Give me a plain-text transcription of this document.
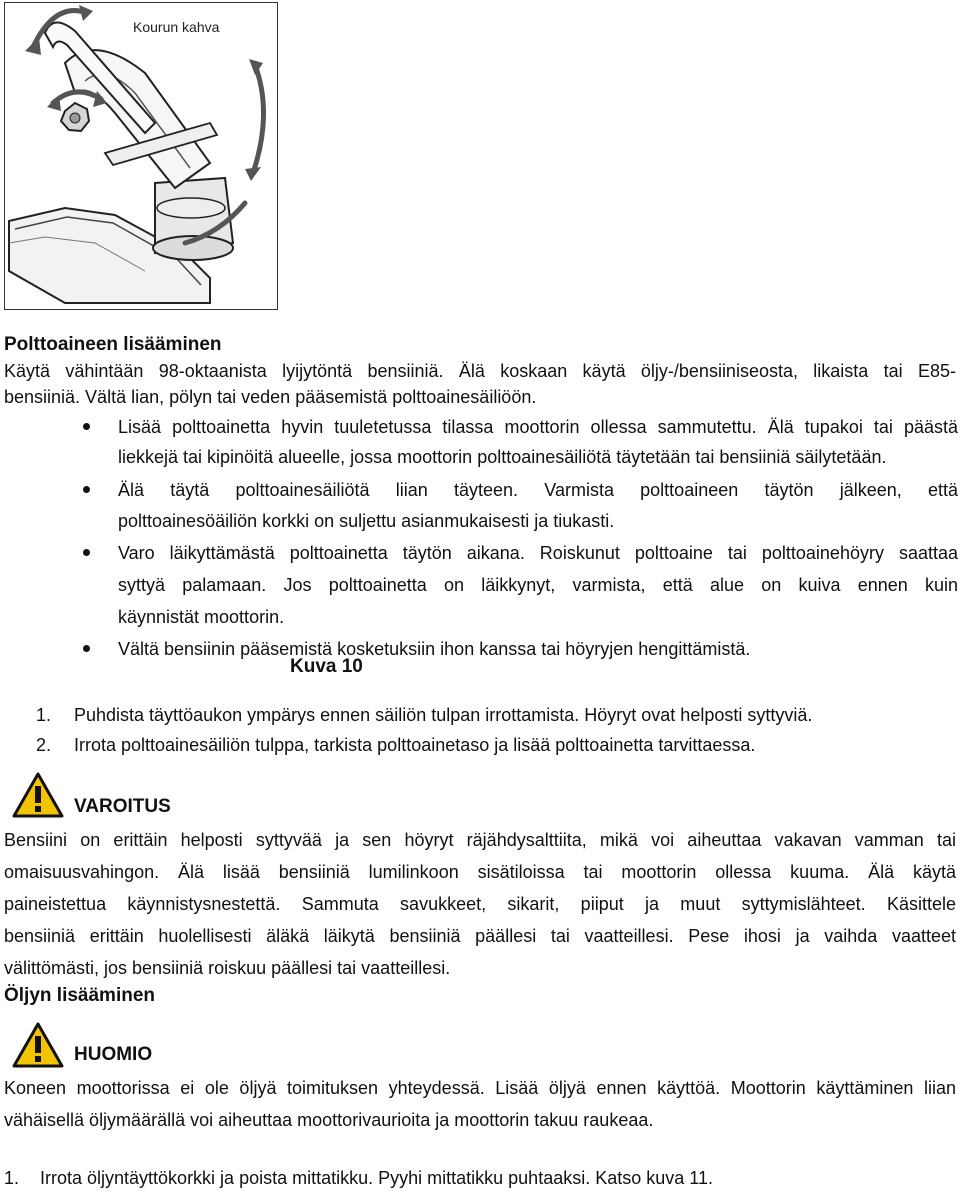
Kourun kahva
Kuva 10
Polttoaineen lisääminen
Käytä vähintään 98-oktaanista lyijytöntä bensiiniä. Älä koskaan käytä öljy-/bensiiniseosta, likaista tai E85-
bensiiniä. Vältä lian, pölyn tai veden pääsemistä polttoainesäiliöön.
Lisää polttoainetta hyvin tuuletetussa tilassa moottorin ollessa sammutettu. Älä tupakoi tai päästä
liekkejä tai kipinöitä alueelle, jossa moottorin polttoainesäiliötä täytetään tai bensiiniä säilytetään.
Älä täytä polttoainesäiliötä liian täyteen. Varmista polttoaineen täytön jälkeen, että
polttoainesöäiliön korkki on suljettu asianmukaisesti ja tiukasti.
Varo läikyttämästä polttoainetta täytön aikana. Roiskunut polttoaine tai polttoainehöyry saattaa
syttyä palamaan. Jos polttoainetta on läikkynyt, varmista, että alue on kuiva ennen kuin
käynnistät moottorin.
Vältä bensiinin pääsemistä kosketuksiin ihon kanssa tai höyryjen hengittämistä.
1. Puhdista täyttöaukon ympärys ennen säiliön tulpan irrottamista. Höyryt ovat helposti syttyviä.
2. Irrota polttoainesäiliön tulppa, tarkista polttoainetaso ja lisää polttoainetta tarvittaessa.
VAROITUS
Bensiini on erittäin helposti syttyvää ja sen höyryt räjähdysalttiita, mikä voi aiheuttaa vakavan vamman tai
omaisuusvahingon. Älä lisää bensiiniä lumilinkoon sisätiloissa tai moottorin ollessa kuuma. Älä käytä
paineistettua käynnistysnestettä. Sammuta savukkeet, sikarit, piiput ja muut syttymislähteet. Käsittele
bensiiniä erittäin huolellisesti äläkä läikytä bensiiniä päällesi tai vaatteillesi. Pese ihosi ja vaihda vaatteet
välittömästi, jos bensiiniä roiskuu päällesi tai vaatteillesi.
Öljyn lisääminen
HUOMIO
Koneen moottorissa ei ole öljyä toimituksen yhteydessä. Lisää öljyä ennen käyttöä. Moottorin käyttäminen liian
vähäisellä öljymäärällä voi aiheuttaa moottorivaurioita ja moottorin takuu raukeaa.
1. Irrota öljyntäyttökorkki ja poista mittatikku. Pyyhi mittatikku puhtaaksi. Katso kuva 11.
